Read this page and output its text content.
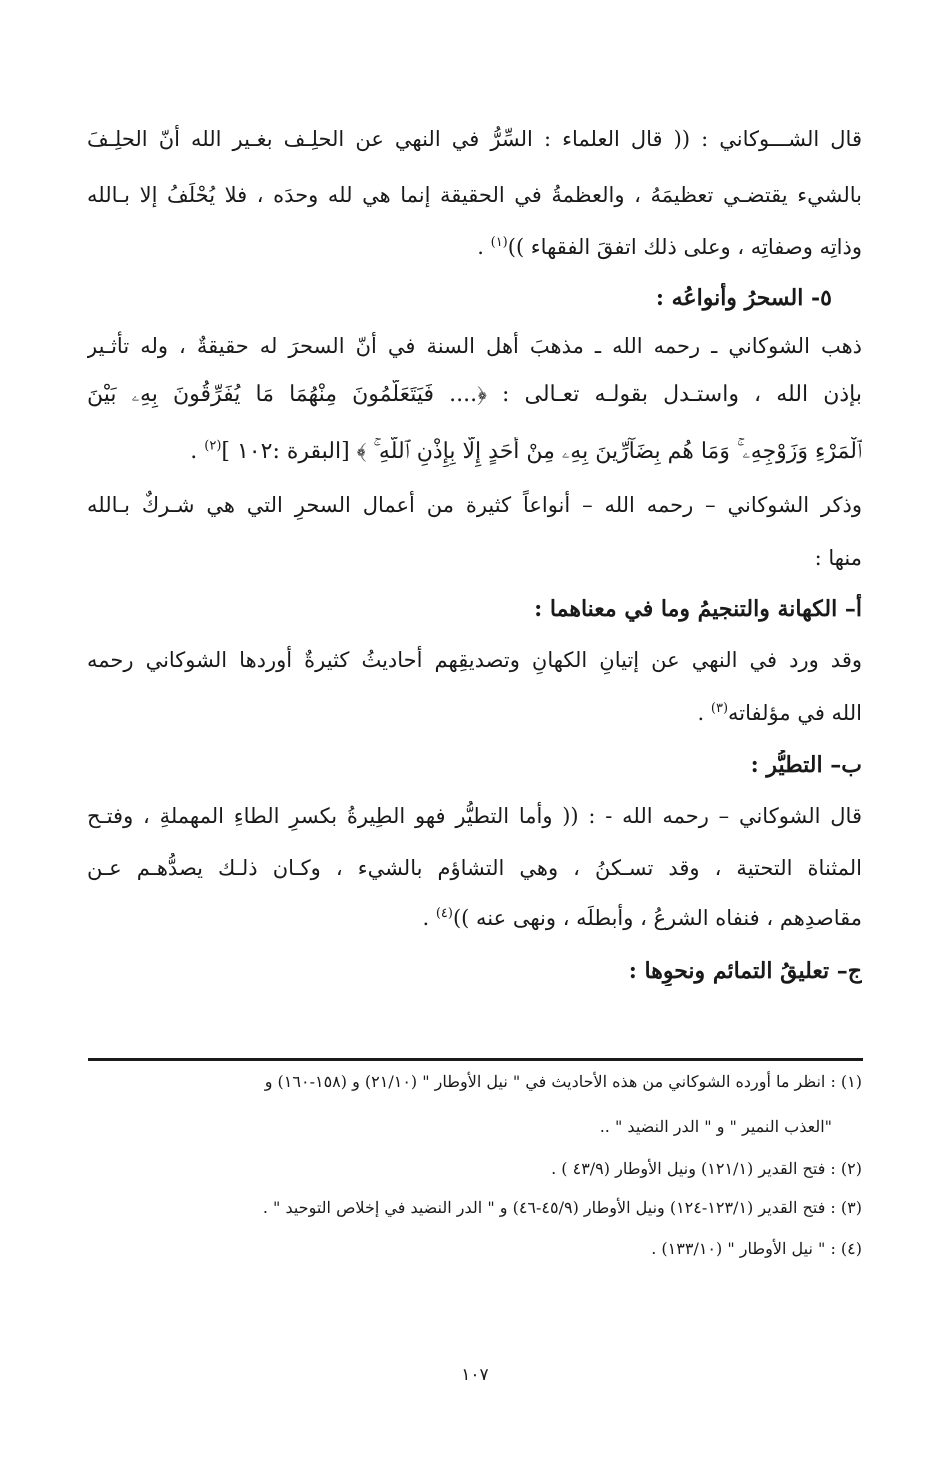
قال الشـــوكاني : (( قال العلماء : السِّرُّ في النهي عن الحلِـف بغـير الله أنّ الحلِـفَ
بالشيء يقتضـي تعظيمَهُ ، والعظمةُ في الحقيقة إنما هي لله وحدَه ، فلا يُحْلَفُ إلا بـالله
وذاتِه وصفاتِه ، وعلى ذلك اتفقَ الفقهاء ))$^{(١)}$ .
٥- السحرُ وأنواعُه :
ذهب الشوكاني ـ رحمه الله ـ مذهبَ أهل السنة في أنّ السحرَ له حقيقةٌ ، وله تأثـير
بإذن الله ، واستـدل بقولـه تعـالى : ﴿.... فَيَتَعَلَّمُونَ مِنْهُمَا مَا يُفَرِّقُونَ بِهِۦ بَيْنَ
ٱلْمَرْءِ وَزَوْجِهِۦ ۚ وَمَا هُم بِضَآرِّينَ بِهِۦ مِنْ أَحَدٍ إِلَّا بِإِذْنِ ٱللَّهِ ۚ ﴾ [البقرة :١٠٢ ]$^{(٢)}$ .
وذكر الشوكاني – رحمه الله – أنواعاً كثيرة من أعمال السحرِ التي هي شـركٌ بـالله
منها :
أ– الكهانة والتنجيمُ وما في معناهما :
وقد ورد في النهي عن إتيانِ الكهانِ وتصديقِهم أحاديثُ كثيرةٌ أوردها الشوكاني رحمه
الله في مؤلفاته$^{(٣)}$ .
ب– التطيُّر :
قال الشوكاني – رحمه الله - : (( وأما التطيُّر فهو الطِيرةُ بكسرِ الطاءِ المهملةِ ، وفتـح
المثناة التحتية ، وقد تسـكنُ ، وهي التشاؤم بالشيء ، وكـان ذلـك يصدُّهـم عـن
مقاصدِهم ، فنفاه الشرعُ ، وأبطلَه ، ونهى عنه ))$^{(٤)}$ .
ج– تعليقُ التمائم ونحوِها :
(١) : انظر ما أورده الشوكاني من هذه الأحاديث في " نيل الأوطار " (٢١/١٠) و (١٥٨-١٦٠) و
"العذب النمير " و " الدر النضيد " ..
(٢) : فتح القدير (١٢١/١) ونيل الأوطار (٤٣/٩ ) .
(٣) : فتح القدير (١٢٣/١-١٢٤) ونيل الأوطار (٤٥/٩-٤٦) و " الدر النضيد في إخلاص التوحيد " .
(٤) : " نيل الأوطار " (١٣٣/١٠) .
١٠٧
